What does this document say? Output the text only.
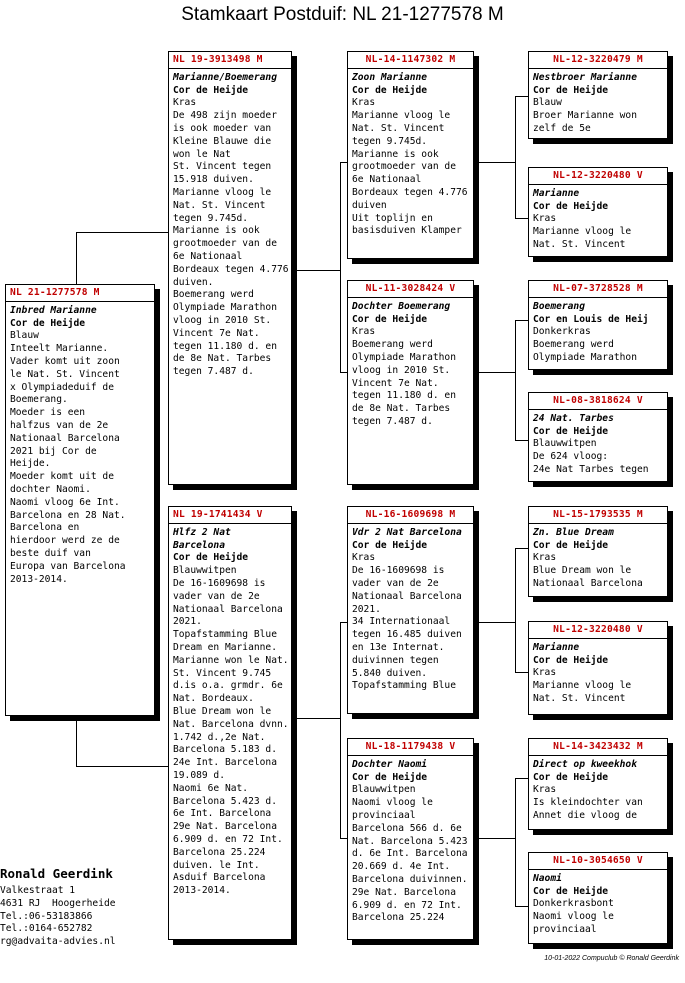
Stamkaart Postduif: NL 21-1277578 M
NL 21-1277578 M
Inbred Marianne
Cor de Heijde
Blauw
Inteelt Marianne.
Vader komt uit zoon
le Nat. St. Vincent
x Olympiadeduif de
Boemerang.
Moeder is een
halfzus van de 2e
Nationaal Barcelona
2021 bij Cor de
Heijde.
Moeder komt uit de
dochter Naomi.
Naomi vloog 6e Int.
Barcelona en 28 Nat.
Barcelona en
hierdoor werd ze de
beste duif van
Europa van Barcelona
2013-2014.
NL 19-3913498 M
Marianne/Boemerang
Cor de Heijde
Kras
De 498 zijn moeder
is ook moeder van
Kleine Blauwe die
won le Nat
St. Vincent tegen
15.918 duiven.
Marianne vloog le
Nat. St. Vincent
tegen 9.745d.
Marianne is ook
grootmoeder van de
6e Nationaal
Bordeaux tegen 4.776
duiven.
Boemerang werd
Olympiade Marathon
vloog in 2010 St.
Vincent 7e Nat.
tegen 11.180 d. en
de 8e Nat. Tarbes
tegen 7.487 d.
NL 19-1741434 V
Hlfz 2 Nat Barcelona
Cor de Heijde
Blauwwitpen
De 16-1609698 is
vader van de 2e
Nationaal Barcelona
2021.
Topafstamming Blue
Dream en Marianne.
Marianne won le Nat.
St. Vincent 9.745
d.is o.a. grmdr. 6e
Nat. Bordeaux.
Blue Dream won le
Nat. Barcelona dvnn.
1.742 d.,2e Nat.
Barcelona 5.183 d.
24e Int. Barcelona
19.089 d.
Naomi 6e Nat.
Barcelona 5.423 d.
6e Int. Barcelona
29e Nat. Barcelona
6.909 d. en 72 Int.
Barcelona 25.224
duiven. le Int.
Asduif Barcelona
2013-2014.
NL-14-1147302 M
Zoon Marianne
Cor de Heijde
Kras
Marianne vloog le
Nat. St. Vincent
tegen 9.745d.
Marianne is ook
grootmoeder van de
6e Nationaal
Bordeaux tegen 4.776
duiven
Uit toplijn en
basisduiven Klamper
NL-11-3028424 V
Dochter Boemerang
Cor de Heijde
Kras
Boemerang werd
Olympiade Marathon
vloog in 2010 St.
Vincent 7e Nat.
tegen 11.180 d. en
de 8e Nat. Tarbes
tegen 7.487 d.
NL-16-1609698 M
Vdr 2 Nat Barcelona
Cor de Heijde
Kras
De 16-1609698 is
vader van de 2e
Nationaal Barcelona
2021.
34 Internationaal
tegen 16.485 duiven
en 13e Internat.
duivinnen tegen
5.840 duiven.
Topafstamming Blue
NL-18-1179438 V
Dochter Naomi
Cor de Heijde
Blauwwitpen
Naomi vloog le
provinciaal
Barcelona 566 d. 6e
Nat. Barcelona 5.423
d. 6e Int. Barcelona
20.669 d. 4e Int.
Barcelona duivinnen.
29e Nat. Barcelona
6.909 d. en 72 Int.
Barcelona 25.224
NL-12-3220479 M
Nestbroer Marianne
Cor de Heijde
Blauw
Broer Marianne won
zelf de 5e
NL-12-3220480 V
Marianne
Cor de Heijde
Kras
Marianne vloog le
Nat. St. Vincent
NL-07-3728528 M
Boemerang
Cor en Louis de Heij
Donkerkras
Boemerang werd
Olympiade Marathon
NL-08-3818624 V
24 Nat. Tarbes
Cor de Heijde
Blauwwitpen
De 624 vloog:
24e Nat Tarbes tegen
NL-15-1793535 M
Zn. Blue Dream
Cor de Heijde
Kras
Blue Dream won le
Nationaal Barcelona
NL-12-3220480 V
Marianne
Cor de Heijde
Kras
Marianne vloog le
Nat. St. Vincent
NL-14-3423432 M
Direct op kweekhok
Cor de Heijde
Kras
Is kleindochter van
Annet die vloog de
NL-10-3054650 V
Naomi
Cor de Heijde
Donkerkrasbont
Naomi vloog le
provinciaal
Ronald Geerdink
Valkestraat 1
4631 RJ  Hoogerheide
Tel.:06-53183866
Tel.:0164-652782
rg@advaita-advies.nl
10-01-2022 Compuclub © Ronald Geerdink
